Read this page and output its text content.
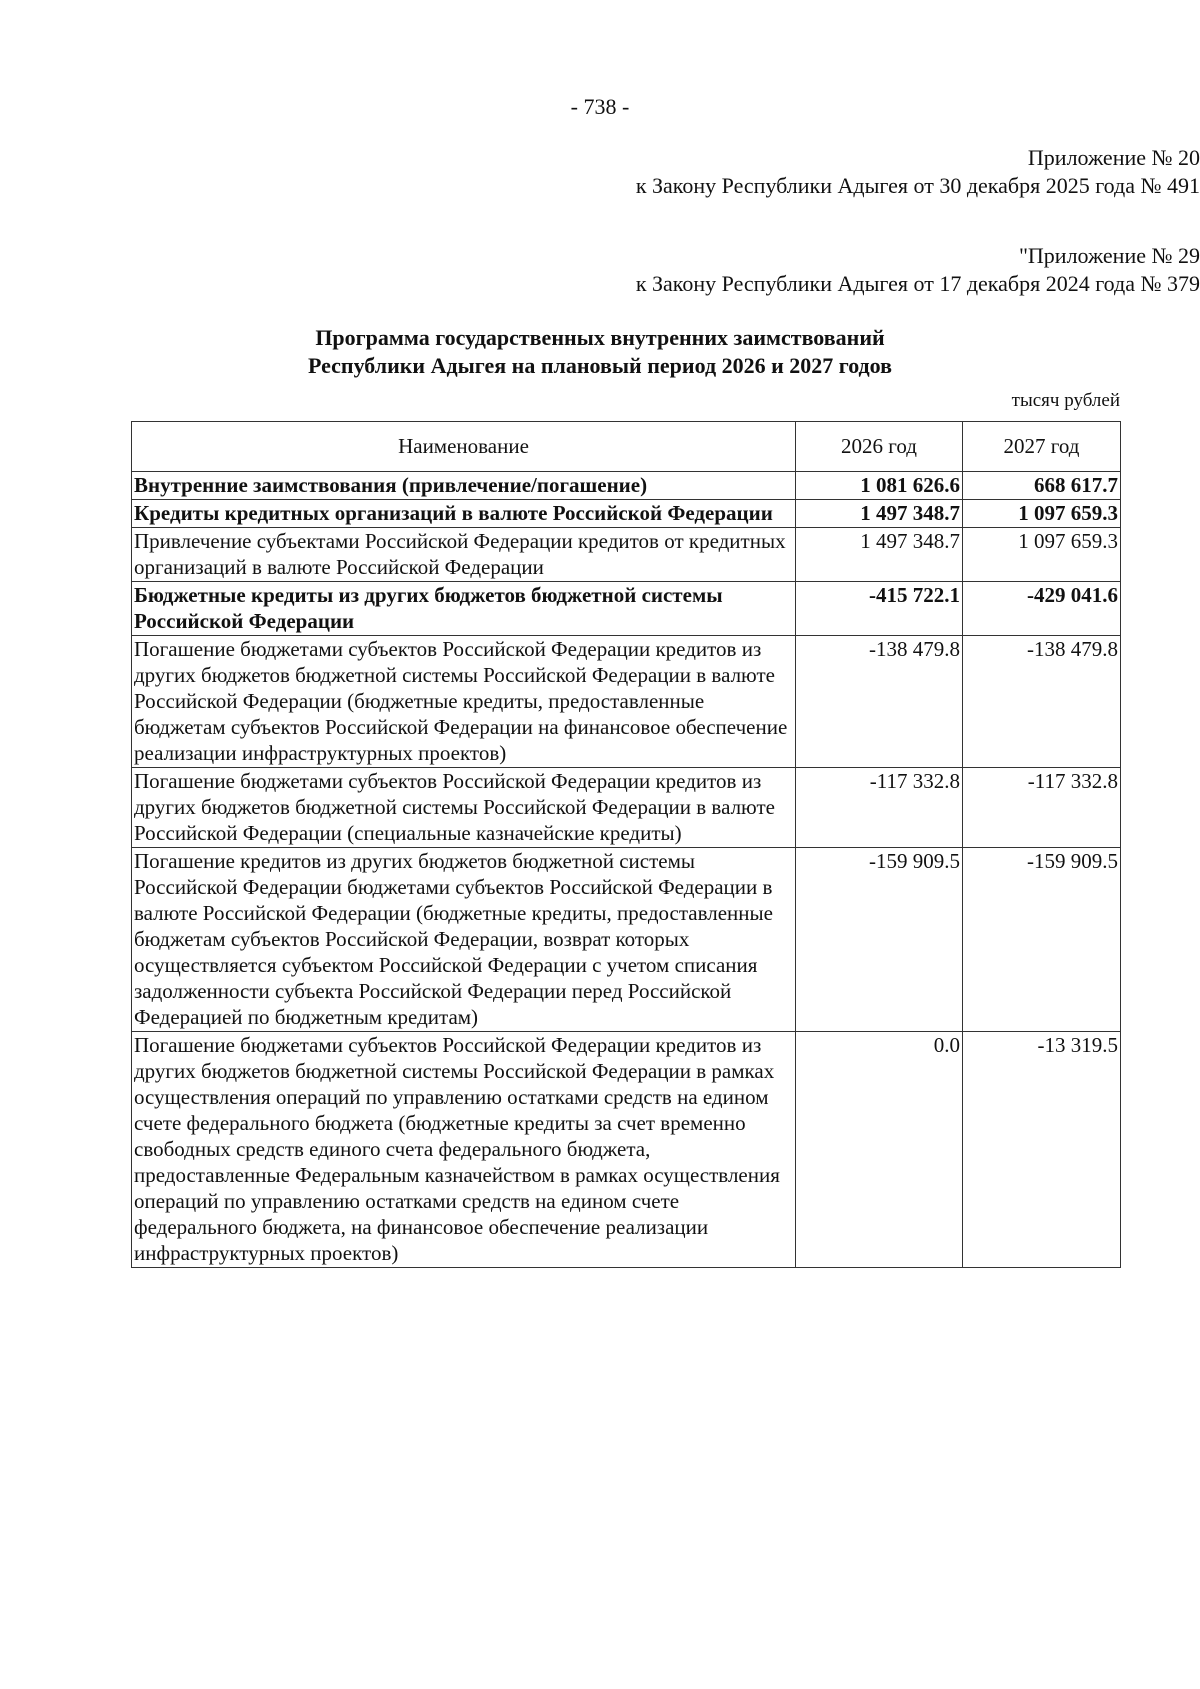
- 738 -
Приложение № 20
к Закону Республики Адыгея от 30 декабря 2025 года № 491
"Приложение № 29
к Закону Республики Адыгея от 17 декабря 2024 года № 379
Программа государственных внутренних заимствований
Республики Адыгея на плановый период 2026 и 2027 годов
тысяч рублей
Наименование	2026 год	2027 год
Внутренние заимствования (привлечение/погашение)	1 081 626.6	668 617.7
Кредиты кредитных организаций в валюте Российской Федерации	1 497 348.7	1 097 659.3
Привлечение субъектами Российской Федерации кредитов от кредитных организаций в валюте Российской Федерации	1 497 348.7	1 097 659.3
Бюджетные кредиты из других бюджетов бюджетной системы Российской Федерации	-415 722.1	-429 041.6
Погашение бюджетами субъектов Российской Федерации кредитов из других бюджетов бюджетной системы Российской Федерации в валюте Российской Федерации (бюджетные кредиты, предоставленные бюджетам субъектов Российской Федерации на финансовое обеспечение реализации инфраструктурных проектов)	-138 479.8	-138 479.8
Погашение бюджетами субъектов Российской Федерации кредитов из других бюджетов бюджетной системы Российской Федерации в валюте Российской Федерации (специальные казначейские кредиты)	-117 332.8	-117 332.8
Погашение кредитов из других бюджетов бюджетной системы Российской Федерации бюджетами субъектов Российской Федерации в валюте Российской Федерации (бюджетные кредиты, предоставленные бюджетам субъектов Российской Федерации, возврат которых осуществляется субъектом Российской Федерации с учетом списания задолженности субъекта Российской Федерации перед Российской Федерацией по бюджетным кредитам)	-159 909.5	-159 909.5
Погашение бюджетами субъектов Российской Федерации кредитов из других бюджетов бюджетной системы Российской Федерации в рамках осуществления операций по управлению остатками средств на едином счете федерального бюджета (бюджетные кредиты за счет временно свободных средств единого счета федерального бюджета, предоставленные Федеральным казначейством в рамках осуществления операций по управлению остатками средств на едином счете федерального бюджета, на финансовое обеспечение реализации инфраструктурных проектов)	0.0	-13 319.5
